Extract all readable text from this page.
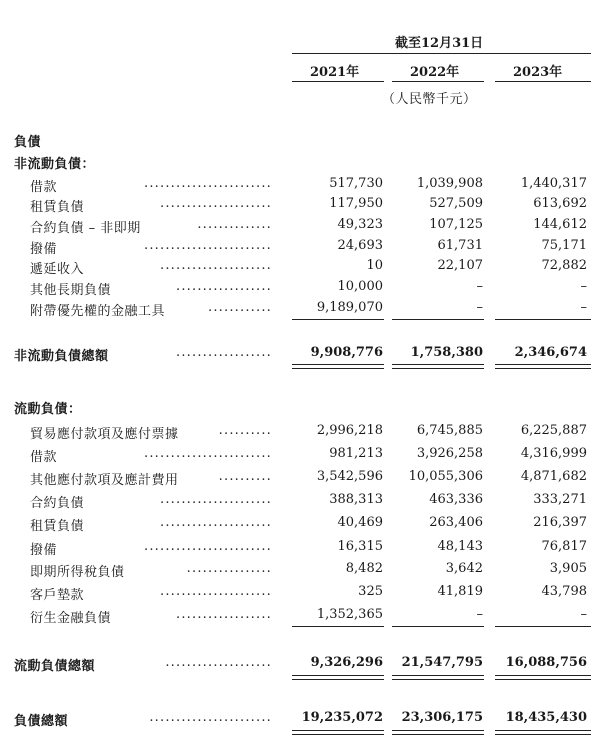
截至12月31日
2021年	2022年	2023年
（人民幣千元）
負債
非流動負債：
借款	........................	517,730	1,039,908	1,440,317
租賃負債	.....................	117,950	527,509	613,692
合約負債 – 非即期	..............	49,323	107,125	144,612
撥備	........................	24,693	61,731	75,171
遞延收入	.....................	10	22,107	72,882
其他長期負債	..................	10,000	–	–
附帶優先權的金融工具	............	9,189,070	–	–
非流動負債總額	..................	9,908,776	1,758,380	2,346,674
流動負債：
貿易應付款項及應付票據	..........	2,996,218	6,745,885	6,225,887
借款	........................	981,213	3,926,258	4,316,999
其他應付款項及應計費用	..........	3,542,596	10,055,306	4,871,682
合約負債	.....................	388,313	463,336	333,271
租賃負債	.....................	40,469	263,406	216,397
撥備	........................	16,315	48,143	76,817
即期所得稅負債	................	8,482	3,642	3,905
客戶墊款	.....................	325	41,819	43,798
衍生金融負債	..................	1,352,365	–	–
流動負債總額	....................	9,326,296	21,547,795	16,088,756
負債總額	.......................	19,235,072	23,306,175	18,435,430
